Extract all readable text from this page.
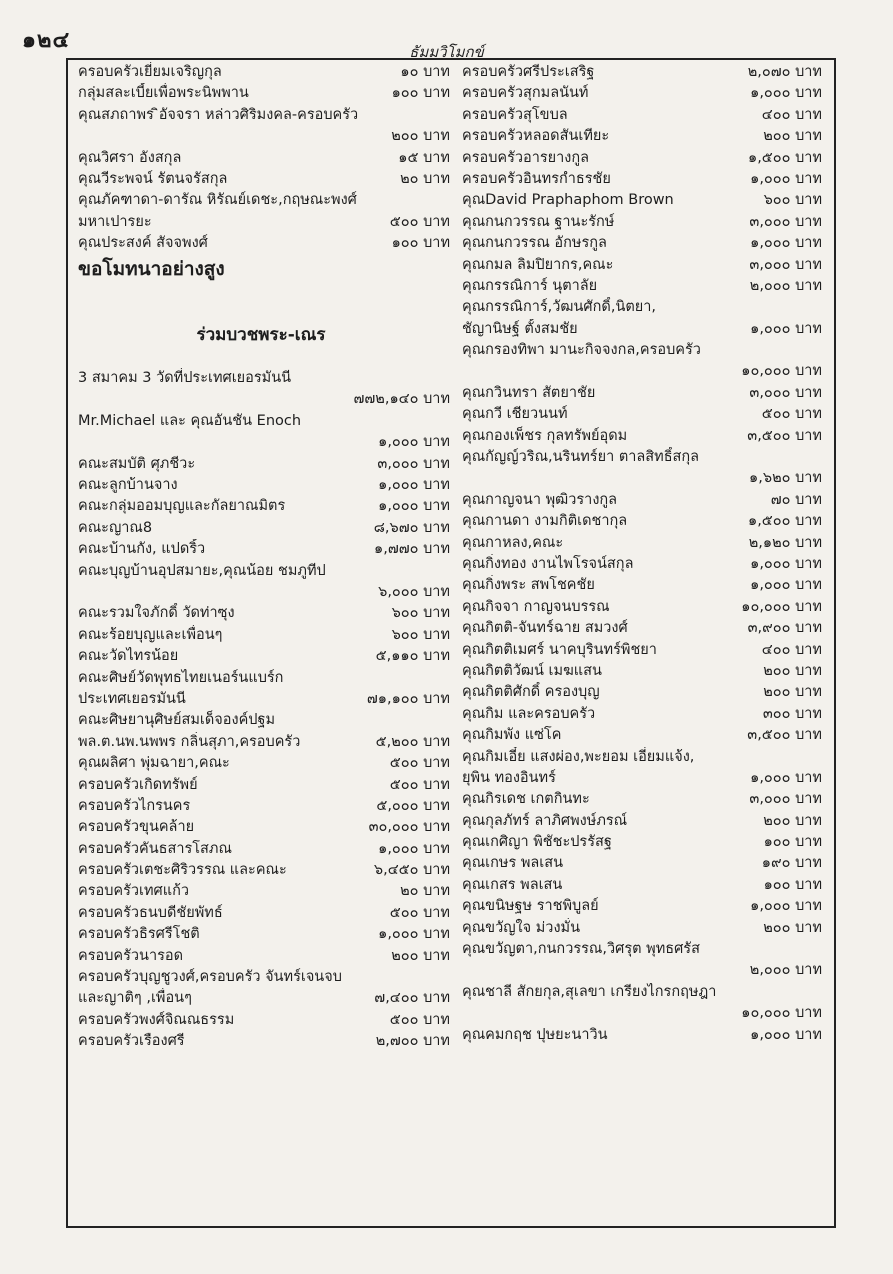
๑๒๔	ธัมมวิโมกข์
ครอบครัวเยี่ยมเจริญกุล	๑๐ บาท
กลุ่มสละเบี้ยเพื่อพระนิพพาน	๑๐๐ บาท
คุณสภถาพร ิอัจจรา หล่าวศิริมงคล-ครอบครัว
๒๐๐ บาท
คุณวิศรา อังสกุล	๑๕ บาท
คุณวีระพจน์ รัตนจรัสกุล	๒๐ บาท
คุณภัคฑาดา-ดารัณ หิรัณย์เดชะ,กฤษณะพงศ์
มหาเปารยะ	๕๐๐ บาท
คุณประสงค์ สัจจพงศ์	๑๐๐ บาท
ขอโมทนาอย่างสูง
ร่วมบวชพระ-เณร
3 สมาคม 3 วัดที่ประเทศเยอรมันนี
๗๗๒,๑๔๐ บาท
Mr.Michael และ คุณอันชัน Enoch
๑,๐๐๐ บาท
คณะสมบัติ ศุภชีวะ	๓,๐๐๐ บาท
คณะลูกบ้านจาง	๑,๐๐๐ บาท
คณะกลุ่มออมบุญและกัลยาณมิตร	๑,๐๐๐ บาท
คณะญาณ8	๘,๖๗๐ บาท
คณะบ้านกัง, แปดริ้ว	๑,๗๗๐ บาท
คณะบุญบ้านอุปสมายะ,คุณน้อย ชมภูทีป
๖,๐๐๐ บาท
คณะรวมใจภักดิ์ วัดท่าซุง	๖๐๐ บาท
คณะร้อยบุญและเพื่อนๆ	๖๐๐ บาท
คณะวัดไทรน้อย	๕,๑๑๐ บาท
คณะศิษย์วัดพุทธไทยเนอร์นแบร์ก
ประเทศเยอรมันนี	๗๑,๑๐๐ บาท
คณะศิษยานุศิษย์สมเด็จองค์ปฐม
พล.ต.นพ.นพพร กลิ่นสุภา,ครอบครัว	๕,๒๐๐ บาท
คุณผลิศา พุ่มฉายา,คณะ	๕๐๐ บาท
ครอบครัวเกิดทรัพย์	๕๐๐ บาท
ครอบครัวไกรนคร	๕,๐๐๐ บาท
ครอบครัวขุนคล้าย	๓๐,๐๐๐ บาท
ครอบครัวคันธสารโสภณ	๑,๐๐๐ บาท
ครอบครัวเตชะศิริวรรณ และคณะ	๖,๔๕๐ บาท
ครอบครัวเทศแก้ว	๒๐ บาท
ครอบครัวธนบดีชัยพัทธ์	๕๐๐ บาท
ครอบครัวธิรศรีโชติ	๑,๐๐๐ บาท
ครอบครัวนารอด	๒๐๐ บาท
ครอบครัวบุญชูวงศ์,ครอบครัว จันทร์เจนจบ
และญาติๆ ,เพื่อนๆ	๗,๔๐๐ บาท
ครอบครัวพงศ์จิณณธรรม	๕๐๐ บาท
ครอบครัวเรืองศรี	๒,๗๐๐ บาท
ครอบครัวศรีประเสริฐ	๒,๐๗๐ บาท
ครอบครัวสุกมลนันท์	๑,๐๐๐ บาท
ครอบครัวสุโขบล	๔๐๐ บาท
ครอบครัวหลอดสันเทียะ	๒๐๐ บาท
ครอบครัวอารยางกูล	๑,๕๐๐ บาท
ครอบครัวอินทรกำธรชัย	๑,๐๐๐ บาท
คุณDavid Praphaphom Brown	๖๐๐ บาท
คุณกนกวรรณ ฐานะรักษ์	๓,๐๐๐ บาท
คุณกนกวรรณ อักษรกูล	๑,๐๐๐ บาท
คุณกมล ลิมปิยากร,คณะ	๓,๐๐๐ บาท
คุณกรรณิการ์ นุตาลัย	๒,๐๐๐ บาท
คุณกรรณิการ์,วัฒนศักดิ์,นิตยา,
ชัญานิษฐ์ ตั้งสมชัย	๑,๐๐๐ บาท
คุณกรองทิพา มานะกิจจงกล,ครอบครัว
๑๐,๐๐๐ บาท
คุณกวินทรา สัตยาชัย	๓,๐๐๐ บาท
คุณกวี เชียวนนท์	๕๐๐ บาท
คุณกองเพ็ชร กุลทรัพย์อุดม	๓,๕๐๐ บาท
คุณกัญญ์วริณ,นรินทร์ยา ตาลสิทธิ์สกุล
๑,๖๒๐ บาท
คุณกาญจนา พุฒิวรางกูล	๗๐ บาท
คุณกานดา งามกิติเดชากุล	๑,๕๐๐ บาท
คุณกาหลง,คณะ	๒,๑๒๐ บาท
คุณกิ่งทอง งานไพโรจน์สกุล	๑,๐๐๐ บาท
คุณกิ่งพระ สพโชคชัย	๑,๐๐๐ บาท
คุณกิจจา กาญจนบรรณ	๑๐,๐๐๐ บาท
คุณกิตติ-จันทร์ฉาย สมวงศ์	๓,๙๐๐ บาท
คุณกิตติเมศร์ นาคบุรินทร์พิชยา	๔๐๐ บาท
คุณกิตติวัฒน์ เมฆแสน	๒๐๐ บาท
คุณกิตติศักดิ์ ครองบุญ	๒๐๐ บาท
คุณกิม และครอบครัว	๓๐๐ บาท
คุณกิมพัง แซ่โค	๓,๕๐๐ บาท
คุณกิมเอี๋ย แสงผ่อง,พะยอม เอี่ยมแจ้ง,
ยุพิน ทองอินทร์	๑,๐๐๐ บาท
คุณกิรเดช เกตกินทะ	๓,๐๐๐ บาท
คุณกุลภัทร์ ลาภิศพงษ์ภรณ์	๒๐๐ บาท
คุณเกศิญา พิชัชะปรรัสฐ	๑๐๐ บาท
คุณเกษร พลเสน	๑๙๐ บาท
คุณเกสร พลเสน	๑๐๐ บาท
คุณขนิษฐษ ราชพิบูลย์	๑,๐๐๐ บาท
คุณขวัญใจ ม่วงมั่น	๒๐๐ บาท
คุณขวัญตา,กนกวรรณ,วิศรุต พุทธศรัส
๒,๐๐๐ บาท
คุณชาลี สักยกุล,สุเลขา เกรียงไกรกฤษฎา
๑๐,๐๐๐ บาท
คุณคมกฤช ปุษยะนาวิน	๑,๐๐๐ บาท
